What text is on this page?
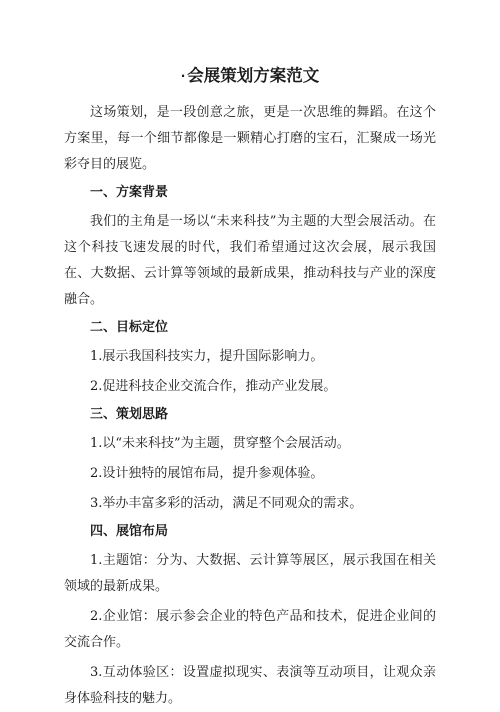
· 会展策划方案范文

这场策划，是一段创意之旅，更是一次思维的舞蹈。在这个方案里，每一个细节都像是一颗精心打磨的宝石，汇聚成一场光彩夺目的展览。

一、方案背景

我们的主角是一场以“未来科技”为主题的大型会展活动。在这个科技飞速发展的时代，我们希望通过这次会展，展示我国在、大数据、云计算等领域的最新成果，推动科技与产业的深度融合。

二、目标定位
1.展示我国科技实力，提升国际影响力。
2.促进科技企业交流合作，推动产业发展。
三、策划思路
1.以“未来科技”为主题，贯穿整个会展活动。
2.设计独特的展馆布局，提升参观体验。
3.举办丰富多彩的活动，满足不同观众的需求。
四、展馆布局
1.主题馆：分为、大数据、云计算等展区，展示我国在相关领域的最新成果。
2.企业馆：展示参会企业的特色产品和技术，促进企业间的交流合作。
3.互动体验区：设置虚拟现实、表演等互动项目，让观众亲身体验科技的魅力。
